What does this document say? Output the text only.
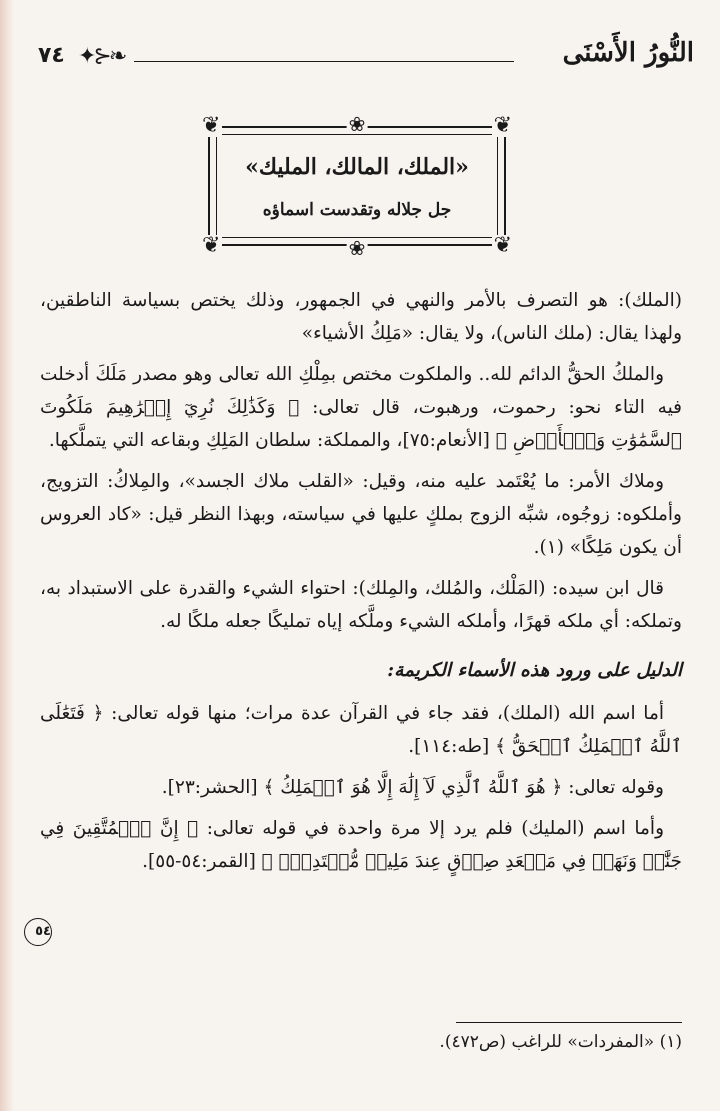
النُّورُ الأَسْنَى
✦⊱❧
٧٤
❦	❦
❦	❦
❀
❀
«الملك، المالك، المليك»
جل جلاله وتقدست اسماؤه

(الملك): هو التصرف بالأمر والنهي في الجمهور، وذلك يختص بسياسة الناطقين، ولهذا يقال: (ملك الناس)، ولا يقال: «مَلِكُ الأشياء»

والملكُ الحقُّ الدائم لله.. والملكوت مختص بمِلْكِ الله تعالى وهو مصدر مَلَكَ أدخلت فيه التاء نحو: رحموت، ورهبوت، قال تعالى: ﴿ وَكَذَٰلِكَ نُرِيٓ إِبۡرَٰهِيمَ مَلَكُوتَ ٱلسَّمَٰوَٰتِ وَٱلۡأَرۡضِ ﴾ [الأنعام:٧٥]، والمملكة: سلطان المَلِكِ وبقاعه التي يتملَّكها.

وملاك الأمر: ما يُعْتَمد عليه منه، وقيل: «القلب ملاك الجسد»، والمِلاكُ: التزويج، وأملكوه: زوجُوه، شبِّه الزوج بملكٍ عليها في سياسته، وبهذا النظر قيل: «كاد العروس أن يكون مَلِكًا» (١).

قال ابن سيده: (المَلْك، والمُلك، والمِلك): احتواء الشيء والقدرة على الاستبداد به، وتملكه: أي ملكه قهرًا، وأملكه الشيء وملَّكه إياه تمليكًا جعله ملكًا له.

الدليل على ورود هذه الأسماء الكريمة:

أما اسم الله (الملك)، فقد جاء في القرآن عدة مرات؛ منها قوله تعالى: ﴿ فَتَعَٰلَى ٱللَّهُ ٱلۡمَلِكُ ٱلۡحَقُّ ﴾ [طه:١١٤].

وقوله تعالى: ﴿ هُوَ ٱللَّهُ ٱلَّذِي لَآ إِلَٰهَ إِلَّا هُوَ ٱلۡمَلِكُ ﴾ [الحشر:٢٣].

وأما اسم (المليك) فلم يرد إلا مرة واحدة في قوله تعالى: ﴿ إِنَّ ٱلۡمُتَّقِينَ فِي جَنَّٰتٖ وَنَهَرٖ فِي مَقۡعَدِ صِدۡقٍ عِندَ مَلِيكٖ مُّقۡتَدِرِۭ ﴾ [القمر:٥٤-٥٥].

٥٤
(١) «المفردات» للراغب (ص٤٧٢).
